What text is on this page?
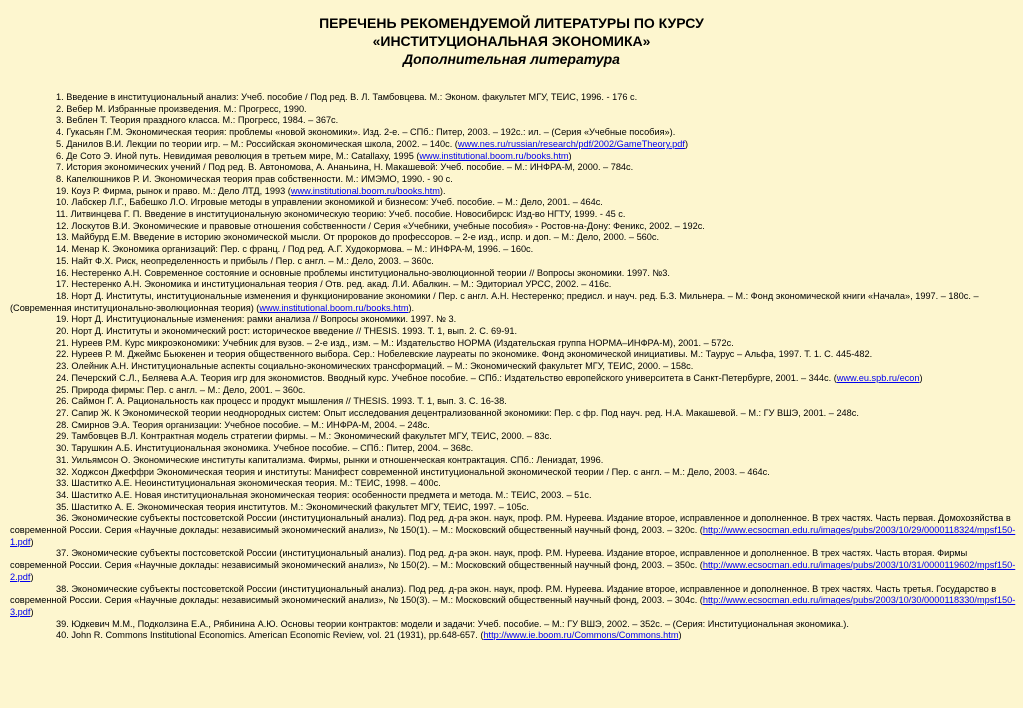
ПЕРЕЧЕНЬ РЕКОМЕНДУЕМОЙ ЛИТЕРАТУРЫ ПО КУРСУ
«ИНСТИТУЦИОНАЛЬНАЯ ЭКОНОМИКА»
Дополнительная литература

1. Введение в институциональный анализ: Учеб. пособие / Под ред. В. Л. Тамбовцева. М.: Эконом. факультет МГУ, ТЕИС, 1996. - 176 с.

2. Вебер М. Избранные произведения. М.: Прогресс, 1990.

3. Веблен Т. Теория праздного класса. М.: Прогресс, 1984. – 367с.

4. Гукасьян Г.М. Экономическая теория: проблемы «новой экономики». Изд. 2-е. – СПб.: Питер, 2003. – 192с.: ил. – (Серия «Учебные пособия»).

5. Данилов В.И. Лекции по теории игр. – М.: Российская экономическая школа, 2002. – 140с. (www.nes.ru/russian/research/pdf/2002/GameTheory.pdf)

6. Де Сото Э. Иной путь. Невидимая революция в третьем мире, М.: Catallaxy, 1995 (www.institutional.boom.ru/books.htm)

7. История экономических учений / Под ред. В. Автономова, А. Ананьина, Н. Макашевой: Учеб. пособие. – М.: ИНФРА-М, 2000. – 784с.

8. Капелюшников Р. И. Экономическая теория прав собственности. М.: ИМЭМО, 1990. - 90 с.

19. Коуз Р. Фирма, рынок и право. М.: Дело ЛТД, 1993 (www.institutional.boom.ru/books.htm).

10. Лабскер Л.Г., Бабешко Л.О. Игровые методы в управлении экономикой и бизнесом: Учеб. пособие. – М.: Дело, 2001. – 464с.

11. Литвинцева Г. П. Введение в институциональную экономическую теорию: Учеб. пособие. Новосибирск: Изд-во НГТУ, 1999. - 45 с.

12. Лоскутов В.И. Экономические и правовые отношения собственности / Серия «Учебники, учебные пособия» - Ростов-на-Дону: Феникс, 2002. – 192с.

13. Майбурд Е.М. Введение в историю экономической мысли. От пророков до профессоров. – 2-е изд., испр. и доп. – М.: Дело, 2000. – 560с.

14. Менар К. Экономика организаций: Пер. с франц. / Под ред. А.Г. Худокормова. – М.: ИНФРА-М, 1996. – 160с.

15. Найт Ф.Х. Риск, неопределенность и прибыль / Пер. с англ. – М.: Дело, 2003. – 360с.

16. Нестеренко А.Н. Современное состояние и основные проблемы институционально-эволюционной теории // Вопросы экономики. 1997. №3.

17. Нестеренко А.Н. Экономика и институциональная теория / Отв. ред. акад. Л.И. Абалкин. – М.: Эдиториал УРСС, 2002. – 416с.

18. Норт Д. Институты, институциональные изменения и функционирование экономики / Пер. с англ. А.Н. Нестеренко; предисл. и науч. ред. Б.З. Мильнера. – М.: Фонд экономической книги «Начала», 1997. – 180с. – (Современная институционально-эволюционная теория) (www.institutional.boom.ru/books.htm).

19. Норт Д. Институциональные изменения: рамки анализа // Вопросы экономики. 1997. № 3.

20. Норт Д. Институты и экономический рост: историческое введение // THESIS. 1993. Т. 1, вып. 2. С. 69-91.

21. Нуреев Р.М. Курс микроэкономики: Учебник для вузов. – 2-е изд., изм. – М.: Издательство НОРМА (Издательская группа НОРМА–ИНФРА-М), 2001. – 572с.

22. Нуреев Р. М. Джеймс Бьюкенен и теория общественного выбора. Сер.: Нобелевские лауреаты по экономике. Фонд экономической инициативы. М.: Таурус – Альфа, 1997. Т. 1. С. 445-482.

23. Олейник А.Н. Институциональные аспекты социально-экономических трансформаций. – М.: Экономический факультет МГУ, ТЕИС, 2000. – 158с.

24. Печерский С.Л., Беляева А.А. Теория игр для экономистов. Вводный курс. Учебное пособие. – СПб.: Издательство европейского университета в Санкт-Петербурге, 2001. – 344с. (www.eu.spb.ru/econ)

25. Природа фирмы: Пер. с англ. – М.: Дело, 2001. – 360с.

26. Саймон Г. А. Рациональность как процесс и продукт мышления // THESIS. 1993. Т. 1, вып. 3. С. 16-38.

27. Сапир Ж. К Экономической теории неоднородных систем: Опыт исследования децентрализованной экономики: Пер. с фр. Под науч. ред. Н.А. Макашевой. – М.: ГУ ВШЭ, 2001. – 248с.

28. Смирнов Э.А. Теория организации: Учебное пособие. – М.: ИНФРА-М, 2004. – 248с.

29. Тамбовцев В.Л. Контрактная модель стратегии фирмы. – М.: Экономический факультет МГУ, ТЕИС, 2000. – 83с.

30. Тарушкин А.Б. Институциональная экономика. Учебное пособие. – СПб.: Питер, 2004. – 368с.

31. Уильямсон О. Экономические институты капитализма. Фирмы, рынки и отношенческая контрактация. СПб.: Лениздат, 1996.

32. Ходжсон Джеффри Экономическая теория и институты: Манифест современной институциональной экономической теории / Пер. с англ. – М.: Дело, 2003. – 464с.

33. Шаститко А.Е. Неоинституциональная экономическая теория. М.: ТЕИС, 1998. – 400с.

34. Шаститко А.Е. Новая институциональная экономическая теория: особенности предмета и метода. М.: ТЕИС, 2003. – 51с.

35. Шаститко А. Е. Экономическая теория институтов. М.: Экономический факультет МГУ, ТЕИС, 1997. – 105с.

36. Экономические субъекты постсоветской России (институциональный анализ). Под ред. д-ра экон. наук, проф. Р.М. Нуреева. Издание второе, исправленное и дополненное. В трех частях. Часть первая. Домохозяйства в современной России. Серия «Научные доклады: независимый экономический анализ», № 150(1). – М.: Московский общественный научный фонд, 2003. – 320с. (http://www.ecsocman.edu.ru/images/pubs/2003/10/29/0000118324/mpsf150-1.pdf)

37. Экономические субъекты постсоветской России (институциональный анализ). Под ред. д-ра экон. наук, проф. Р.М. Нуреева. Издание второе, исправленное и дополненное. В трех частях. Часть вторая. Фирмы современной России. Серия «Научные доклады: независимый экономический анализ», № 150(2). – М.: Московский общественный научный фонд, 2003. – 350с. (http://www.ecsocman.edu.ru/images/pubs/2003/10/31/0000119602/mpsf150-2.pdf)

38. Экономические субъекты постсоветской России (институциональный анализ). Под ред. д-ра экон. наук, проф. Р.М. Нуреева. Издание второе, исправленное и дополненное. В трех частях. Часть третья. Государство в современной России. Серия «Научные доклады: независимый экономический анализ», № 150(3). – М.: Московский общественный научный фонд, 2003. – 304с. (http://www.ecsocman.edu.ru/images/pubs/2003/10/30/0000118330/mpsf150-3.pdf)

39. Юдкевич М.М., Подколзина Е.А., Рябинина А.Ю. Основы теории контрактов: модели и задачи: Учеб. пособие. – М.: ГУ ВШЭ, 2002. – 352с. – (Серия: Институциональная экономика.).

40. John R. Commons Institutional Economics. American Economic Review, vol. 21 (1931), pp.648-657. (http://www.ie.boom.ru/Commons/Commons.htm)
